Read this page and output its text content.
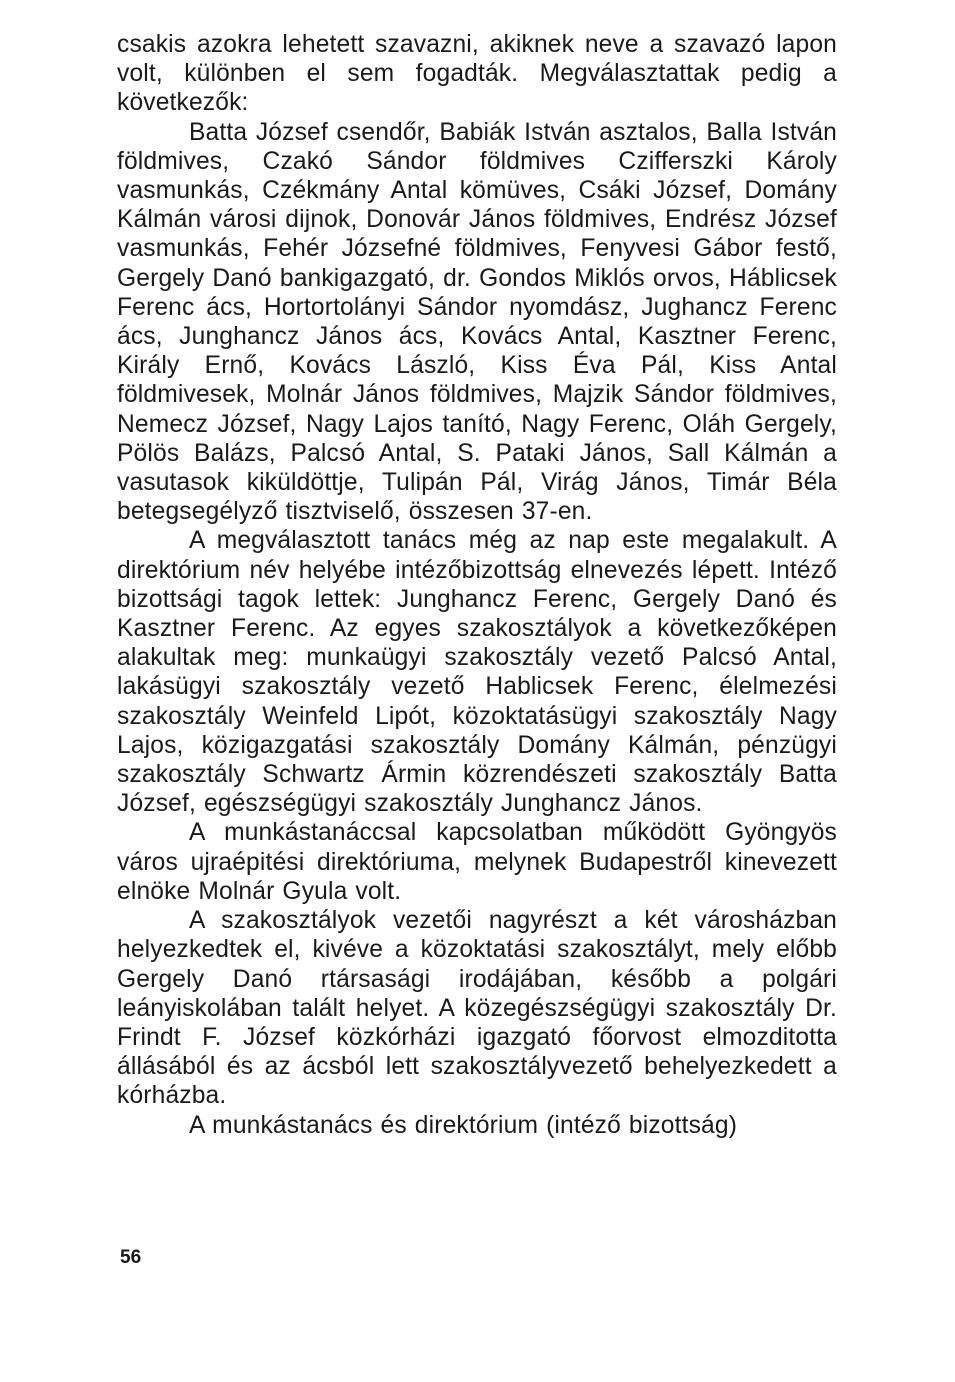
csakis azokra lehetett szavazni, akiknek neve a szavazó lapon volt, különben el sem fogadták. Megválasztattak pedig a következők:

Batta József csendőr, Babiák István asztalos, Balla István földmives, Czakó Sándor földmives Czifferszki Károly vasmunkás, Czékmány Antal kömüves, Csáki József, Domány Kálmán városi dijnok, Donovár János földmives, Endrész József vasmunkás, Fehér Józsefné földmives, Fenyvesi Gábor festő, Gergely Danó bankigazgató, dr. Gondos Miklós orvos, Háblicsek Ferenc ács, Hortortolányi Sándor nyomdász, Jughancz Ferenc ács, Junghancz János ács, Kovács Antal, Kasztner Ferenc, Király Ernő, Kovács László, Kiss Éva Pál, Kiss Antal földmivesek, Molnár János földmives, Majzik Sándor földmives, Nemecz József, Nagy Lajos tanító, Nagy Ferenc, Oláh Gergely, Pölös Balázs, Palcsó Antal, S. Pataki János, Sall Kálmán a vasutasok kiküldöttje, Tulipán Pál, Virág János, Timár Béla betegsegélyző tisztviselő, összesen 37-en.

A megválasztott tanács még az nap este megalakult. A direktórium név helyébe intézőbizottság elnevezés lépett. Intéző bizottsági tagok lettek: Junghancz Ferenc, Gergely Danó és Kasztner Ferenc. Az egyes szakosztályok a következőképen alakultak meg: munkaügyi szakosztály vezető Palcsó Antal, lakásügyi szakosztály vezető Hablicsek Ferenc, élelmezési szakosztály Weinfeld Lipót, közoktatásügyi szakosztály Nagy Lajos, közigazgatási szakosztály Domány Kálmán, pénzügyi szakosztály Schwartz Ármin közrendészeti szakosztály Batta József, egészségügyi szakosztály Junghancz János.

A munkástanáccsal kapcsolatban működött Gyöngyös város ujraépitési direktóriuma, melynek Budapestről kinevezett elnöke Molnár Gyula volt.

A szakosztályok vezetői nagyrészt a két városházban helyezkedtek el, kivéve a közoktatási szakosztályt, mely előbb Gergely Danó rtársasági irodájában, később a polgári leányiskolában talált helyet. A közegészségügyi szakosztály Dr. Frindt F. József közkórházi igazgató főorvost elmozditotta állásából és az ácsból lett szakosztályvezető behelyezkedett a kórházba.

A munkástanács és direktórium (intéző bizottság)

56
